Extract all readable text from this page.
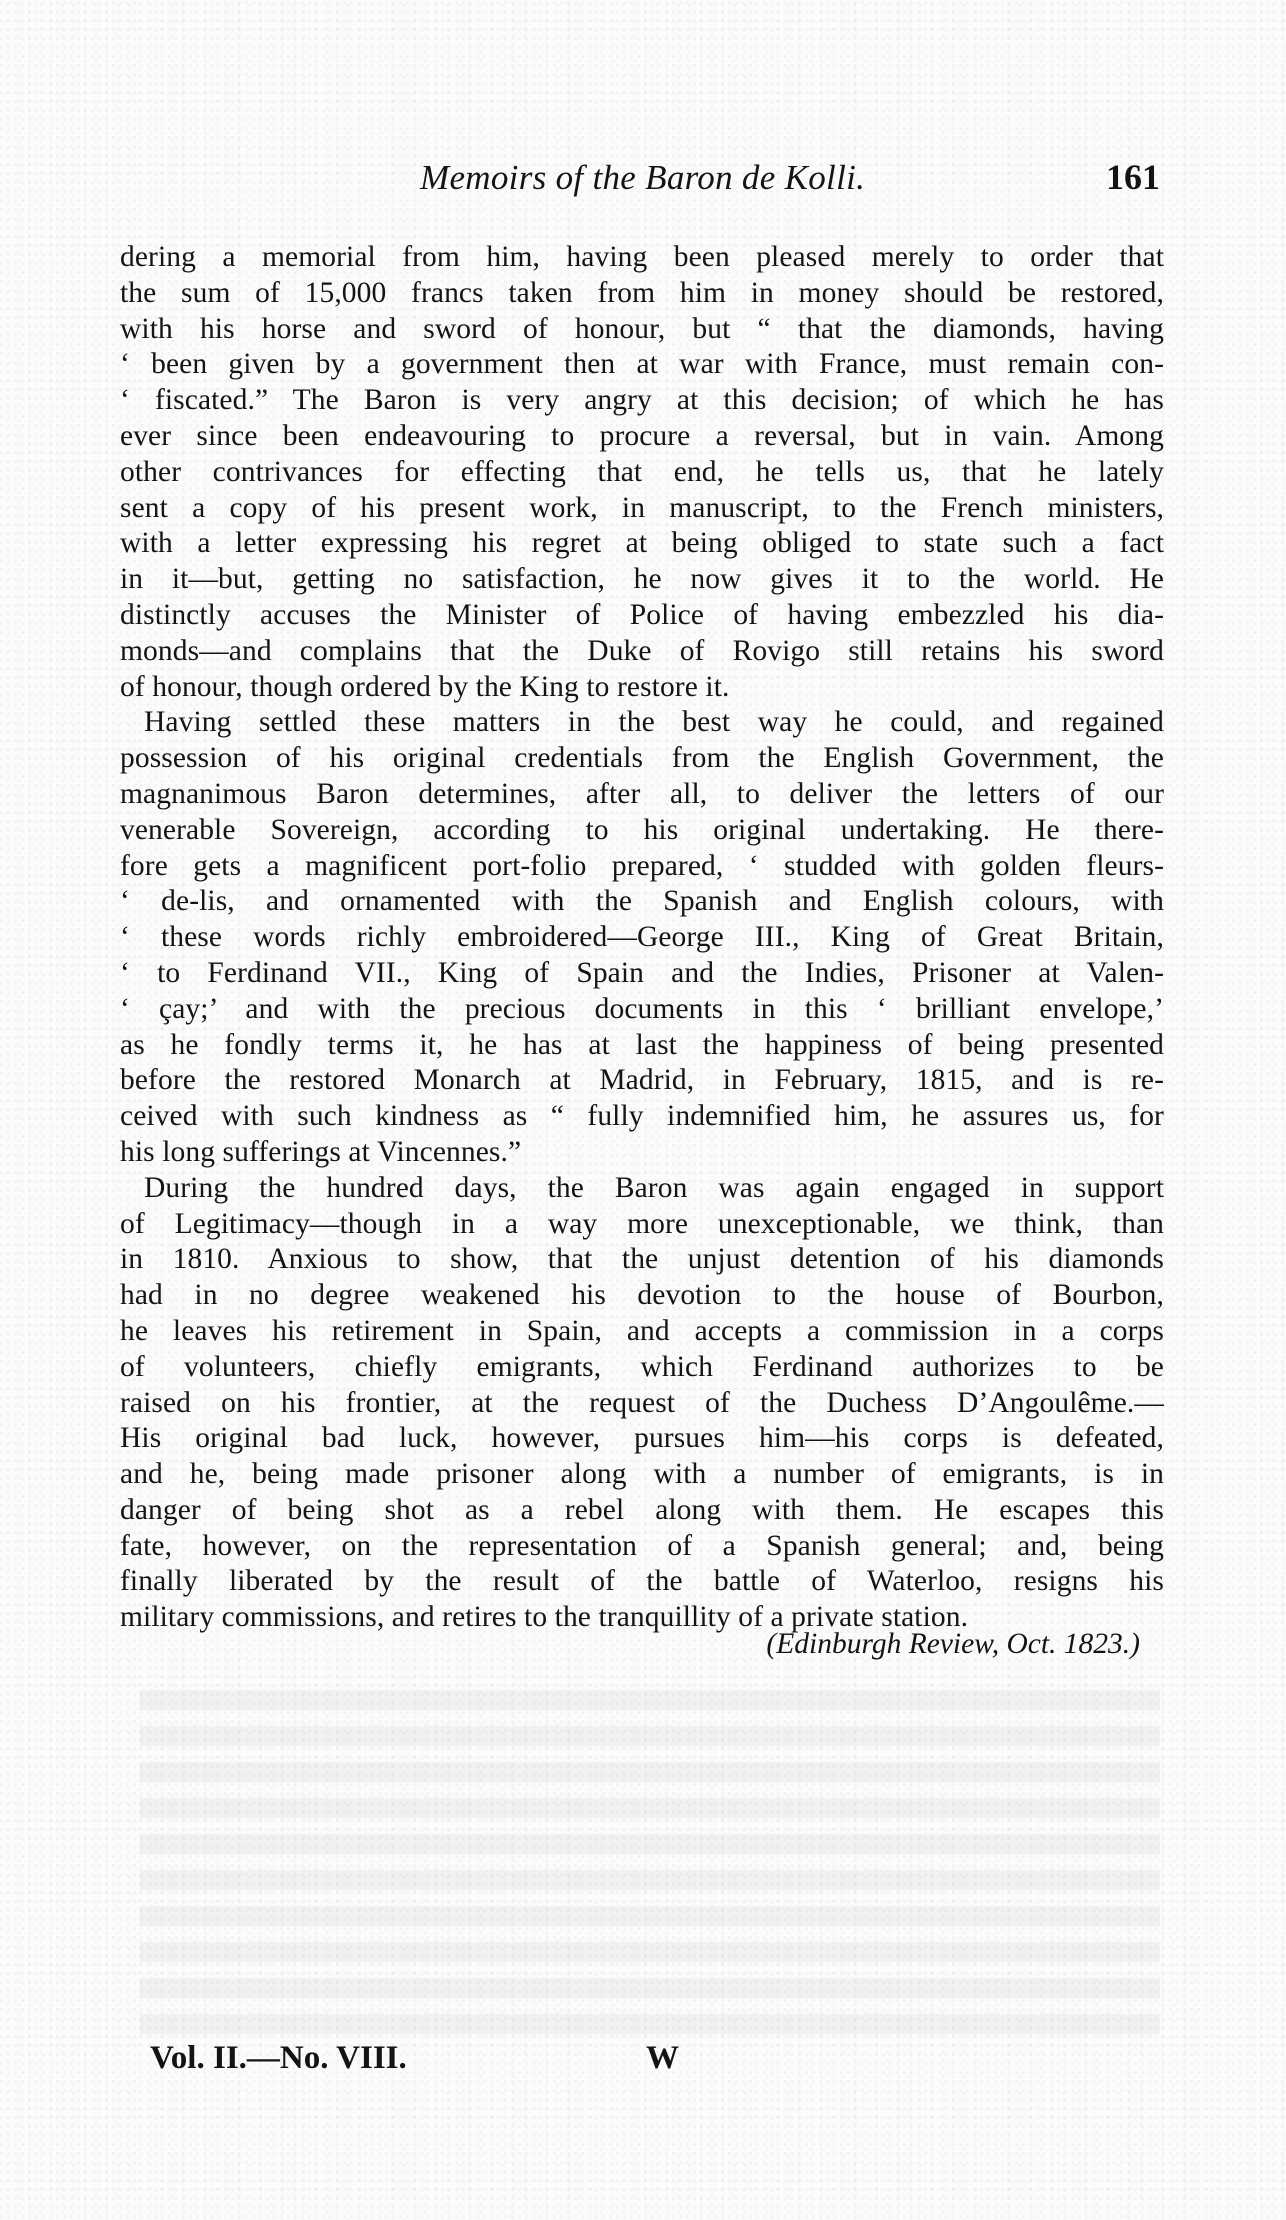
Memoirs of the Baron de Kolli.	161
dering a memorial from him, having been pleased merely to order that
the sum of 15,000 francs taken from him in money should be restored,
with his horse and sword of honour, but “ that the diamonds, having
‘ been given by a government then at war with France, must remain con-
‘ fiscated.” The Baron is very angry at this decision; of which he has
ever since been endeavouring to procure a reversal, but in vain. Among
other contrivances for effecting that end, he tells us, that he lately
sent a copy of his present work, in manuscript, to the French ministers,
with a letter expressing his regret at being obliged to state such a fact
in it—but, getting no satisfaction, he now gives it to the world. He
distinctly accuses the Minister of Police of having embezzled his dia-
monds—and complains that the Duke of Rovigo still retains his sword
of honour, though ordered by the King to restore it.
Having settled these matters in the best way he could, and regained
possession of his original credentials from the English Government, the
magnanimous Baron determines, after all, to deliver the letters of our
venerable Sovereign, according to his original undertaking. He there-
fore gets a magnificent port-folio prepared, ‘ studded with golden fleurs-
‘ de-lis, and ornamented with the Spanish and English colours, with
‘ these words richly embroidered—George III., King of Great Britain,
‘ to Ferdinand VII., King of Spain and the Indies, Prisoner at Valen-
‘ çay;’ and with the precious documents in this ‘ brilliant envelope,’
as he fondly terms it, he has at last the happiness of being presented
before the restored Monarch at Madrid, in February, 1815, and is re-
ceived with such kindness as “ fully indemnified him, he assures us, for
his long sufferings at Vincennes.”
During the hundred days, the Baron was again engaged in support
of Legitimacy—though in a way more unexceptionable, we think, than
in 1810. Anxious to show, that the unjust detention of his diamonds
had in no degree weakened his devotion to the house of Bourbon,
he leaves his retirement in Spain, and accepts a commission in a corps
of volunteers, chiefly emigrants, which Ferdinand authorizes to be
raised on his frontier, at the request of the Duchess D’Angoulême.—
His original bad luck, however, pursues him—his corps is defeated,
and he, being made prisoner along with a number of emigrants, is in
danger of being shot as a rebel along with them. He escapes this
fate, however, on the representation of a Spanish general; and, being
finally liberated by the result of the battle of Waterloo, resigns his
military commissions, and retires to the tranquillity of a private station.
(Edinburgh Review, Oct. 1823.)
Vol. II.—No. VIII.	W
